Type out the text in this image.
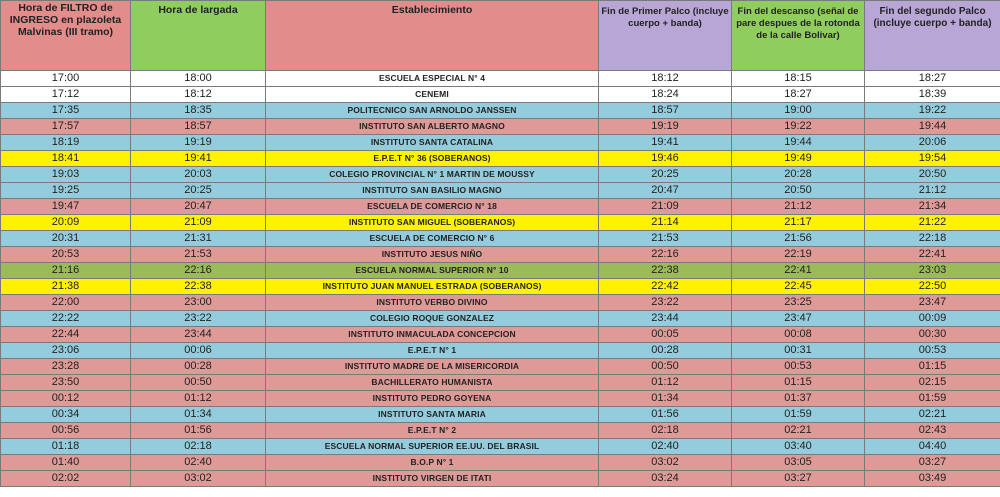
Hora de FILTRO de INGRESO en plazoleta Malvinas (III tramo)	Hora de largada	Establecimiento	Fin de Primer Palco (incluye cuerpo + banda)	Fin del descanso (señal de pare despues de la rotonda de la calle Bolivar)	Fin del segundo Palco (incluye cuerpo + banda)
17:00	18:00	ESCUELA ESPECIAL N° 4	18:12	18:15	18:27
17:12	18:12	CENEMI	18:24	18:27	18:39
17:35	18:35	POLITECNICO SAN ARNOLDO JANSSEN	18:57	19:00	19:22
17:57	18:57	INSTITUTO SAN ALBERTO MAGNO	19:19	19:22	19:44
18:19	19:19	INSTITUTO SANTA CATALINA	19:41	19:44	20:06
18:41	19:41	E.P.E.T N° 36 (SOBERANOS)	19:46	19:49	19:54
19:03	20:03	COLEGIO PROVINCIAL N° 1 MARTIN DE MOUSSY	20:25	20:28	20:50
19:25	20:25	INSTITUTO SAN BASILIO MAGNO	20:47	20:50	21:12
19:47	20:47	ESCUELA DE COMERCIO N° 18	21:09	21:12	21:34
20:09	21:09	INSTITUTO SAN MIGUEL (SOBERANOS)	21:14	21:17	21:22
20:31	21:31	ESCUELA DE COMERCIO N° 6	21:53	21:56	22:18
20:53	21:53	INSTITUTO JESUS NIÑO	22:16	22:19	22:41
21:16	22:16	ESCUELA NORMAL SUPERIOR N° 10	22:38	22:41	23:03
21:38	22:38	INSTITUTO JUAN MANUEL ESTRADA (SOBERANOS)	22:42	22:45	22:50
22:00	23:00	INSTITUTO VERBO DIVINO	23:22	23:25	23:47
22:22	23:22	COLEGIO ROQUE GONZALEZ	23:44	23:47	00:09
22:44	23:44	INSTITUTO INMACULADA CONCEPCION	00:05	00:08	00:30
23:06	00:06	E.P.E.T N° 1	00:28	00:31	00:53
23:28	00:28	INSTITUTO MADRE DE LA MISERICORDIA	00:50	00:53	01:15
23:50	00:50	BACHILLERATO HUMANISTA	01:12	01:15	02:15
00:12	01:12	INSTITUTO PEDRO GOYENA	01:34	01:37	01:59
00:34	01:34	INSTITUTO SANTA MARIA	01:56	01:59	02:21
00:56	01:56	E.P.E.T N° 2	02:18	02:21	02:43
01:18	02:18	ESCUELA NORMAL SUPERIOR EE.UU. DEL BRASIL	02:40	03:40	04:40
01:40	02:40	B.O.P N° 1	03:02	03:05	03:27
02:02	03:02	INSTITUTO VIRGEN DE ITATI	03:24	03:27	03:49
